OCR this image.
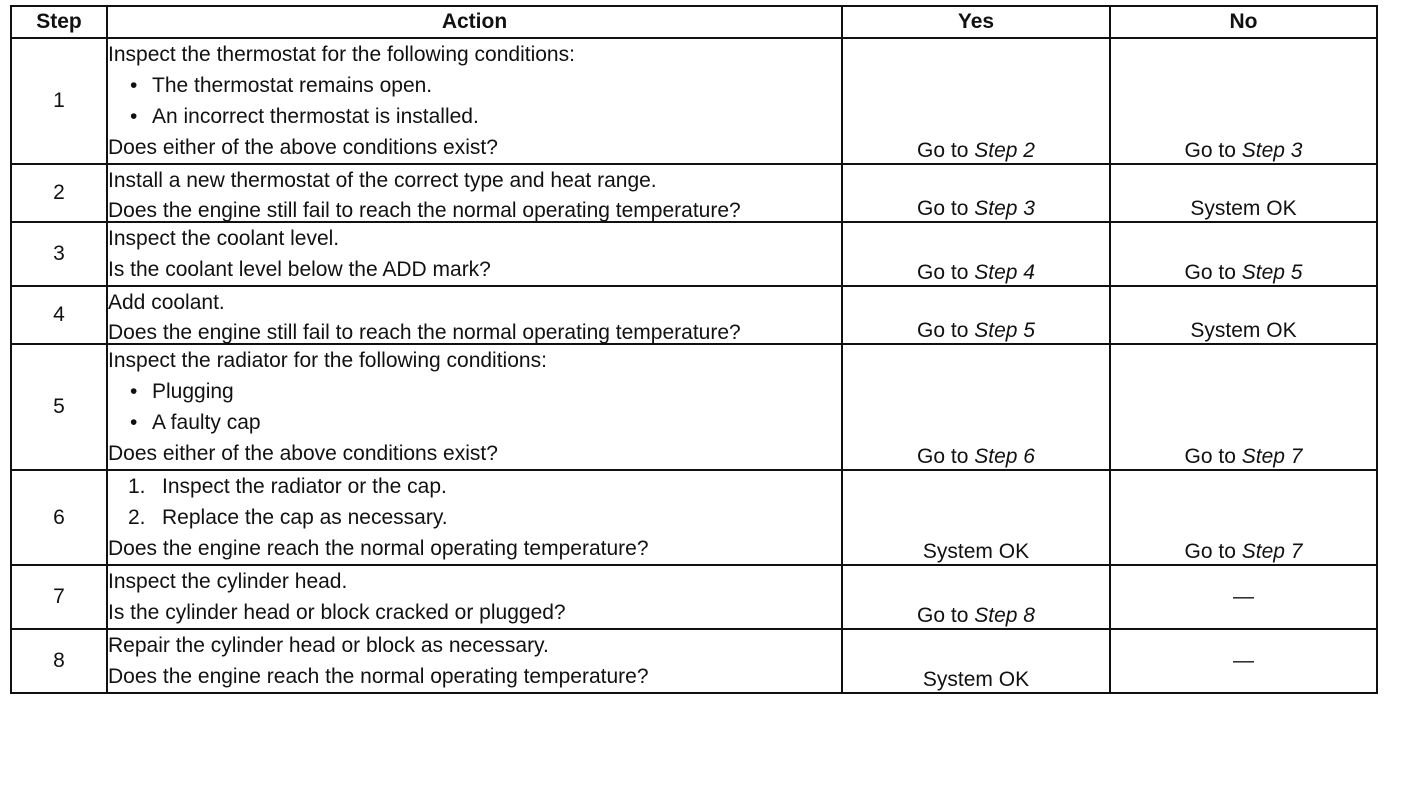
Step	Action	Yes	No
1	Inspect the thermostat for the following conditions:
• The thermostat remains open.
• An incorrect thermostat is installed.
Does either of the above conditions exist?	Go to Step 2	Go to Step 3
2	Install a new thermostat of the correct type and heat range.
Does the engine still fail to reach the normal operating temperature?	Go to Step 3	System OK
3	Inspect the coolant level.
Is the coolant level below the ADD mark?	Go to Step 4	Go to Step 5
4	Add coolant.
Does the engine still fail to reach the normal operating temperature?	Go to Step 5	System OK
5	Inspect the radiator for the following conditions:
• Plugging
• A faulty cap
Does either of the above conditions exist?	Go to Step 6	Go to Step 7
6	1. Inspect the radiator or the cap.
2. Replace the cap as necessary.
Does the engine reach the normal operating temperature?	System OK	Go to Step 7
7	Inspect the cylinder head.
Is the cylinder head or block cracked or plugged?	Go to Step 8	—
8	Repair the cylinder head or block as necessary.
Does the engine reach the normal operating temperature?	System OK	—
